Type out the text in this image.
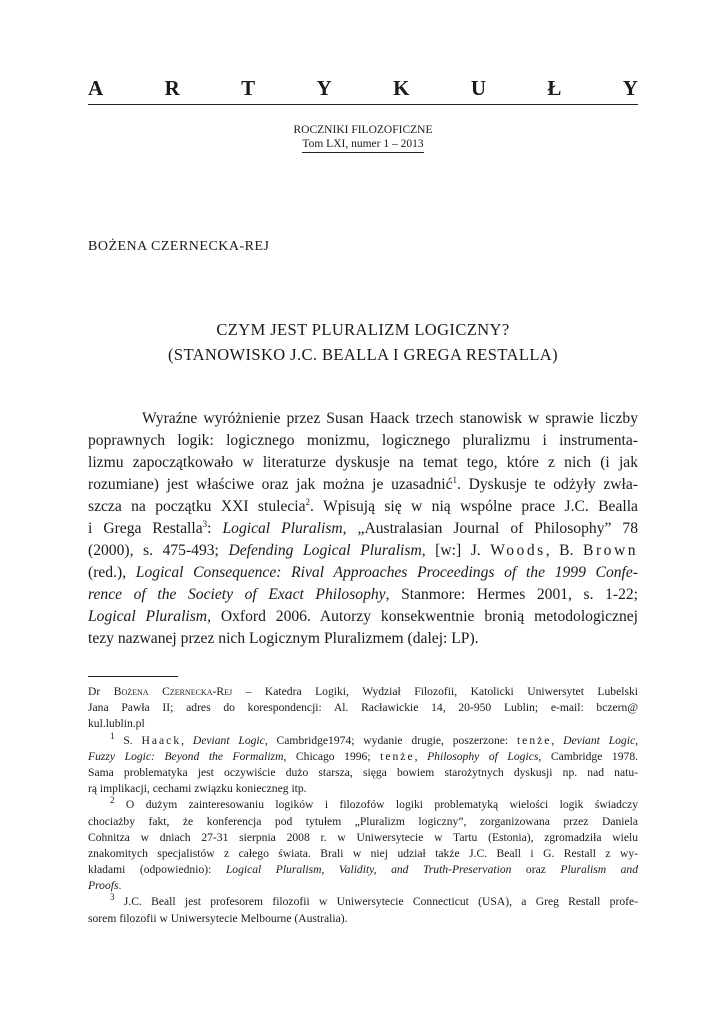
A	R	T	Y	K	U	Ł	Y
ROCZNIKI FILOZOFICZNE
Tom LXI, numer 1 – 2013
BOŻENA CZERNECKA-REJ
CZYM JEST PLURALIZM LOGICZNY?
(STANOWISKO J.C. BEALLA I GREGA RESTALLA)
Wyraźne wyróżnienie przez Susan Haack trzech stanowisk w sprawie liczby
poprawnych logik: logicznego monizmu, logicznego pluralizmu i instrumenta-
lizmu zapoczątkowało w literaturze dyskusje na temat tego, które z nich (i jak
rozumiane) jest właściwe oraz jak można je uzasadnić$^1$. Dyskusje te odżyły zwła-
szcza na początku XXI stulecia$^2$. Wpisują się w nią wspólne prace J.C. Bealla
i Grega Restalla$^3$: Logical Pluralism, „Australasian Journal of Philosophy” 78
(2000), s. 475-493; Defending Logical Pluralism, [w:] J. Woods, B. Brown
(red.), Logical Consequence: Rival Approaches Proceedings of the 1999 Confe-
rence of the Society of Exact Philosophy, Stanmore: Hermes 2001, s. 1-22;
Logical Pluralism, Oxford 2006. Autorzy konsekwentnie bronią metodologicznej
tezy nazwanej przez nich Logicznym Pluralizmem (dalej: LP).
Dr Bożena Czernecka-Rej – Katedra Logiki, Wydział Filozofii, Katolicki Uniwersytet Lubelski
Jana Pawła II; adres do korespondencji: Al. Racławickie 14, 20-950 Lublin; e-mail: bczern@
kul.lublin.pl
$^1$ S. Haack, Deviant Logic, Cambridge1974; wydanie drugie, poszerzone: tenże, Deviant Logic,
Fuzzy Logic: Beyond the Formalizm, Chicago 1996; tenże, Philosophy of Logics, Cambridge 1978.
Sama problematyka jest oczywiście dużo starsza, sięga bowiem starożytnych dyskusji np. nad natu-
rą implikacji, cechami związku konieczneg itp.
$^2$ O dużym zainteresowaniu logików i filozofów logiki problematyką wielości logik świadczy
chociażby fakt, że konferencja pod tytułem „Pluralizm logiczny”, zorganizowana przez Daniela
Cohnitza w dniach 27-31 sierpnia 2008 r. w Uniwersytecie w Tartu (Estonia), zgromadziła wielu
znakomitych specjalistów z całego świata. Brali w niej udział także J.C. Beall i G. Restall z wy-
kładami (odpowiednio): Logical Pluralism, Validity, and Truth-Preservation oraz Pluralism and
Proofs.
$^3$ J.C. Beall jest profesorem filozofii w Uniwersytecie Connecticut (USA), a Greg Restall profe-
sorem filozofii w Uniwersytecie Melbourne (Australia).
